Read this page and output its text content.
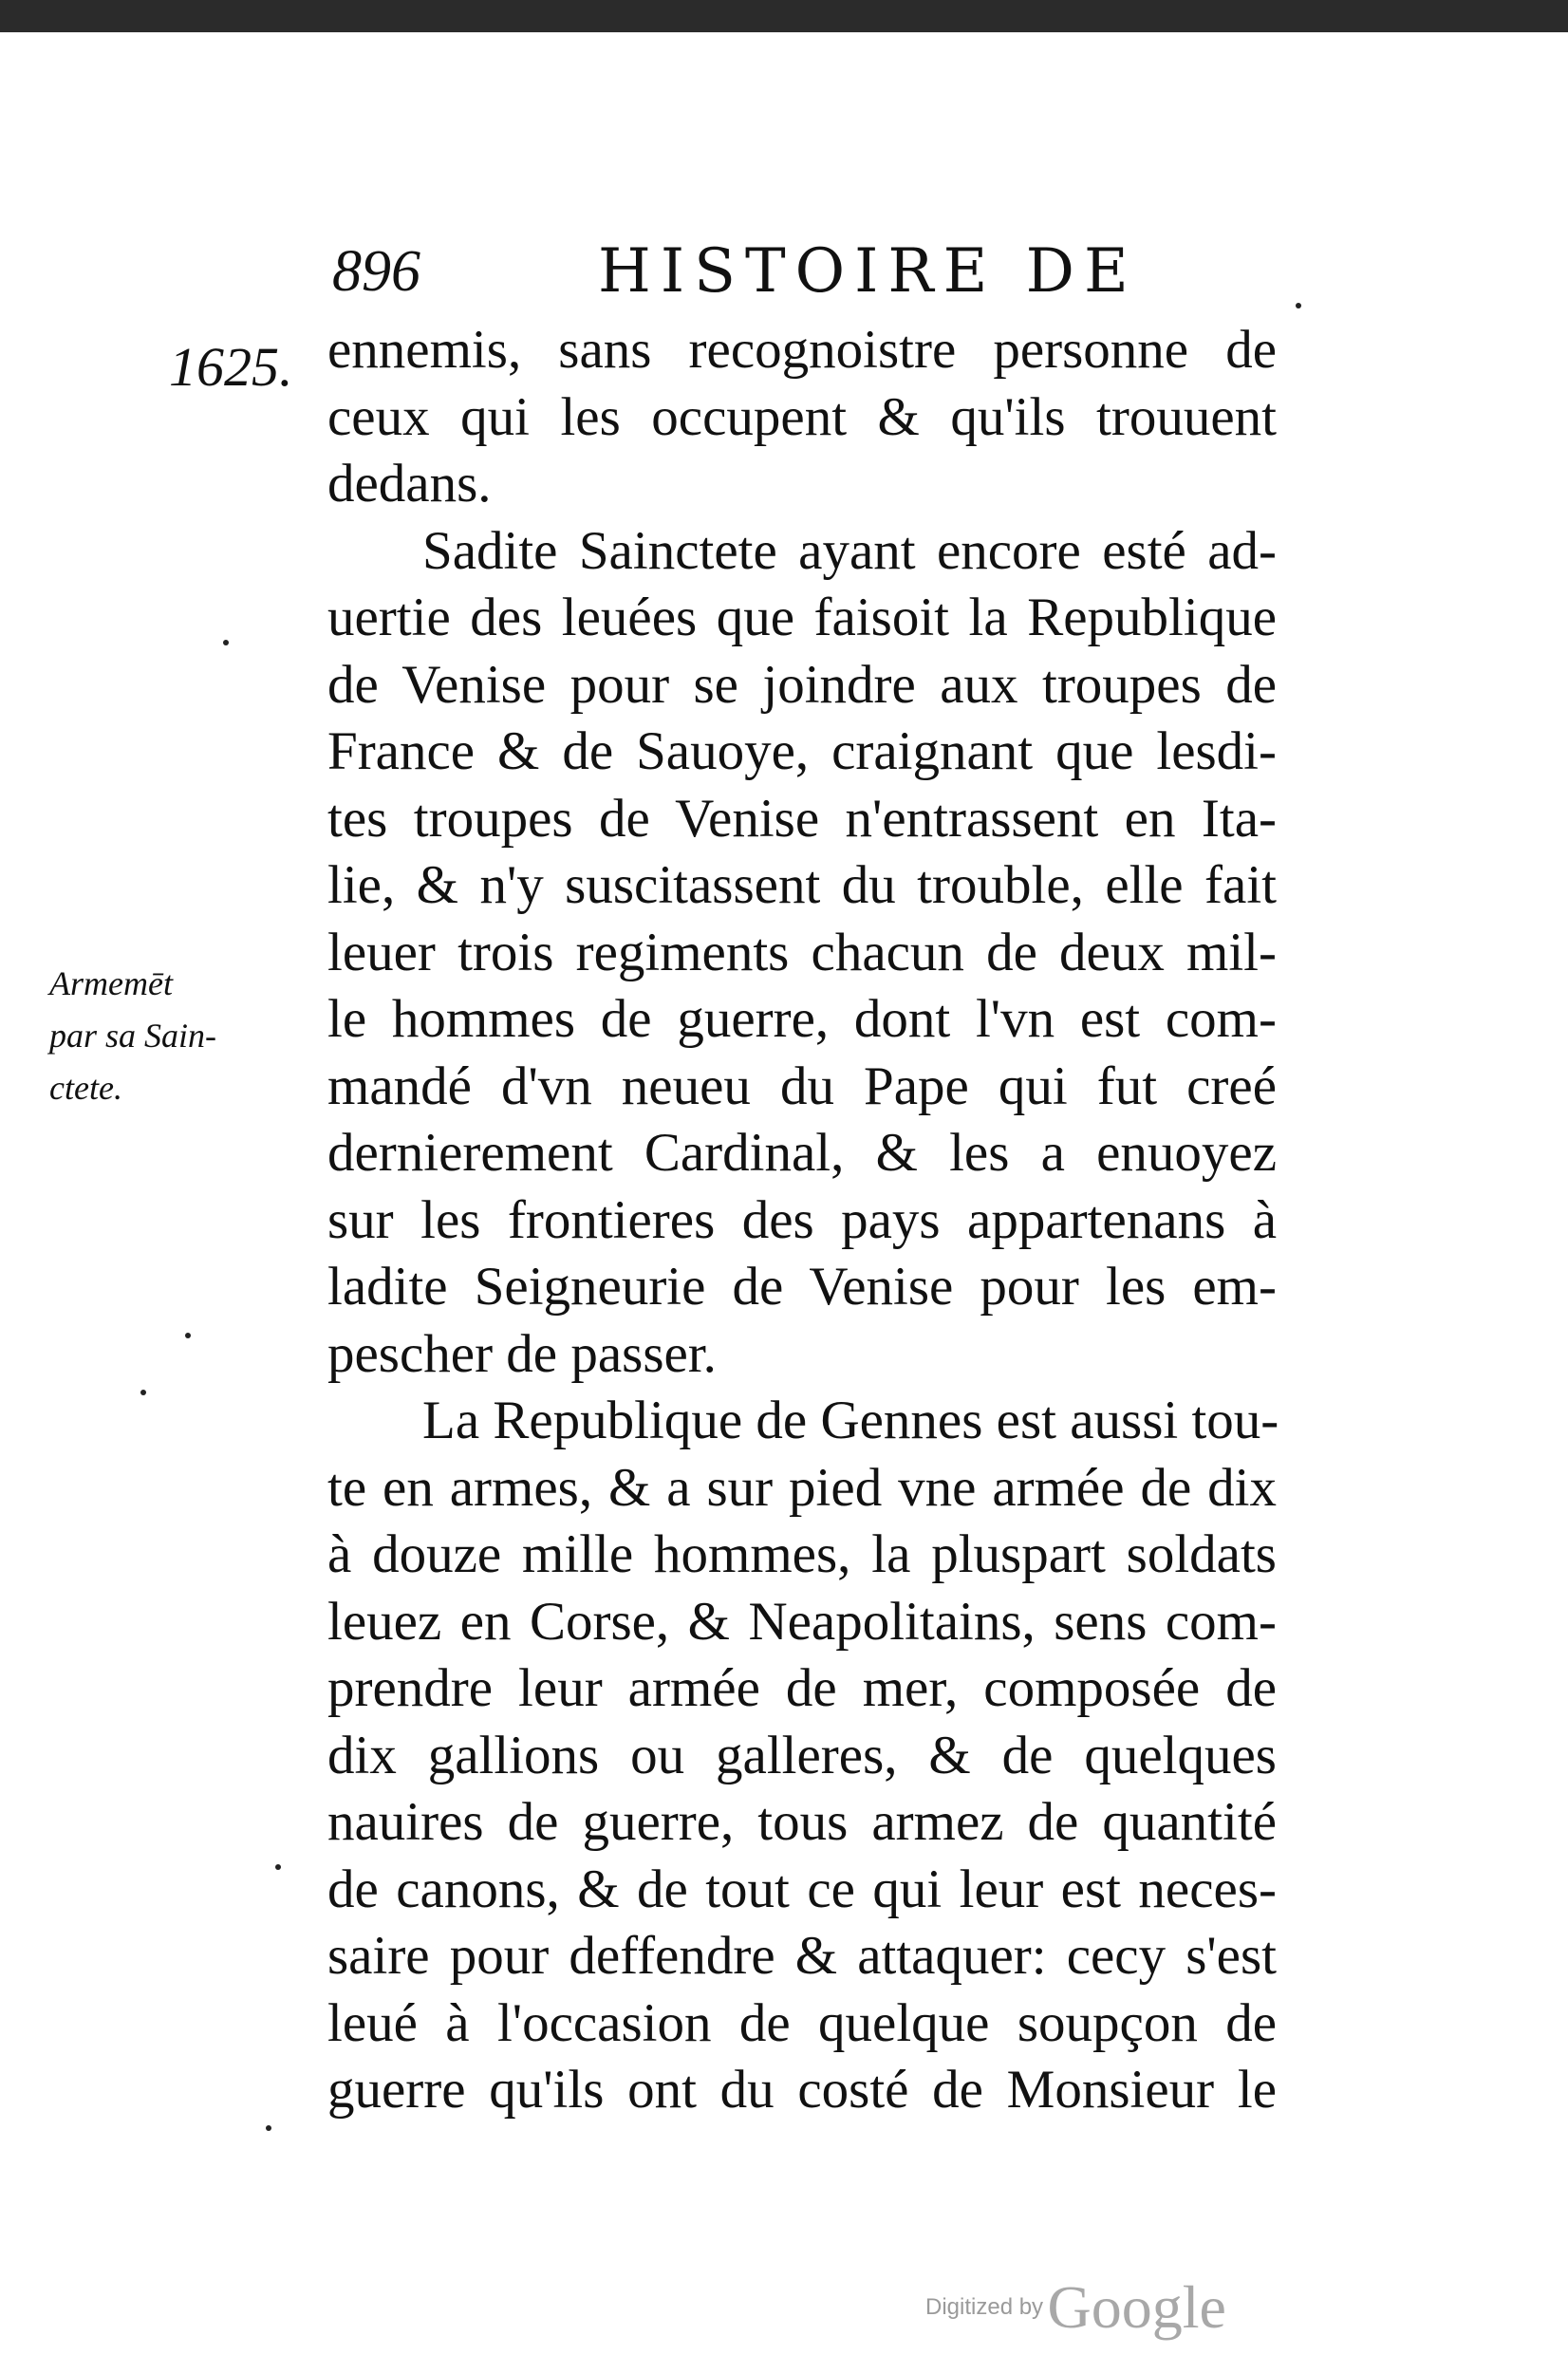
896	HISTOIRE DE
1625.
Armemēt
par sa Sain-
ctete.
ennemis, sans recognoistre personne de
ceux qui les occupent & qu'ils trouuent
dedans.
Sadite Sainctete ayant encore esté ad-
uertie des leuées que faisoit la Republique
de Venise pour se joindre aux troupes de
France & de Sauoye, craignant que lesdi-
tes troupes de Venise n'entrassent en Ita-
lie, & n'y suscitassent du trouble, elle fait
leuer trois regiments chacun de deux mil-
le hommes de guerre, dont l'vn est com-
mandé d'vn neueu du Pape qui fut creé
dernierement Cardinal, & les a enuoyez
sur les frontieres des pays appartenans à
ladite Seigneurie de Venise pour les em-
pescher de passer.
La Republique de Gennes est aussi tou-
te en armes, & a sur pied vne armée de dix
à douze mille hommes, la pluspart soldats
leuez en Corse, & Neapolitains, sens com-
prendre leur armée de mer, composée de
dix gallions ou galleres, & de quelques
nauires de guerre, tous armez de quantité
de canons, & de tout ce qui leur est neces-
saire pour deffendre & attaquer: cecy s'est
leué à l'occasion de quelque soupçon de
guerre qu'ils ont du costé de Monsieur le
Digitized by Google
